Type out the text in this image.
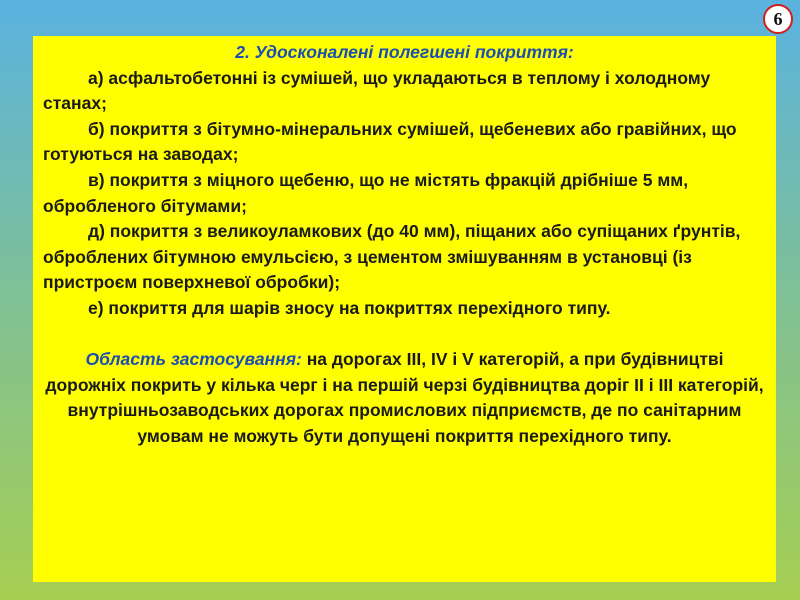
6
2. Удосконалені полегшені покриття:

а) асфальтобетонні із сумішей, що укладаються в теплому і холодному станах;

б) покриття з бітумно-мінеральних сумішей, щебеневих або гравійних, що готуються на заводах;

в) покриття з міцного щебеню, що не містять фракцій дрібніше 5 мм, обробленого бітумами;

д) покриття з великоуламкових (до 40 мм), піщаних або супіщаних ґрунтів, оброблених бітумною емульсією, з цементом змішуванням в установці (із пристроєм поверхневої обробки);

е) покриття для шарів зносу на покриттях перехідного типу.

Область застосування: на дорогах ІІІ, IV і V категорій, а при будівництві дорожніх покрить у кілька черг і на першій черзі будівництва доріг II і III категорій, внутрішньозаводських дорогах промислових підприємств, де по санітарним умовам не можуть бути допущені покриття перехідного типу.
